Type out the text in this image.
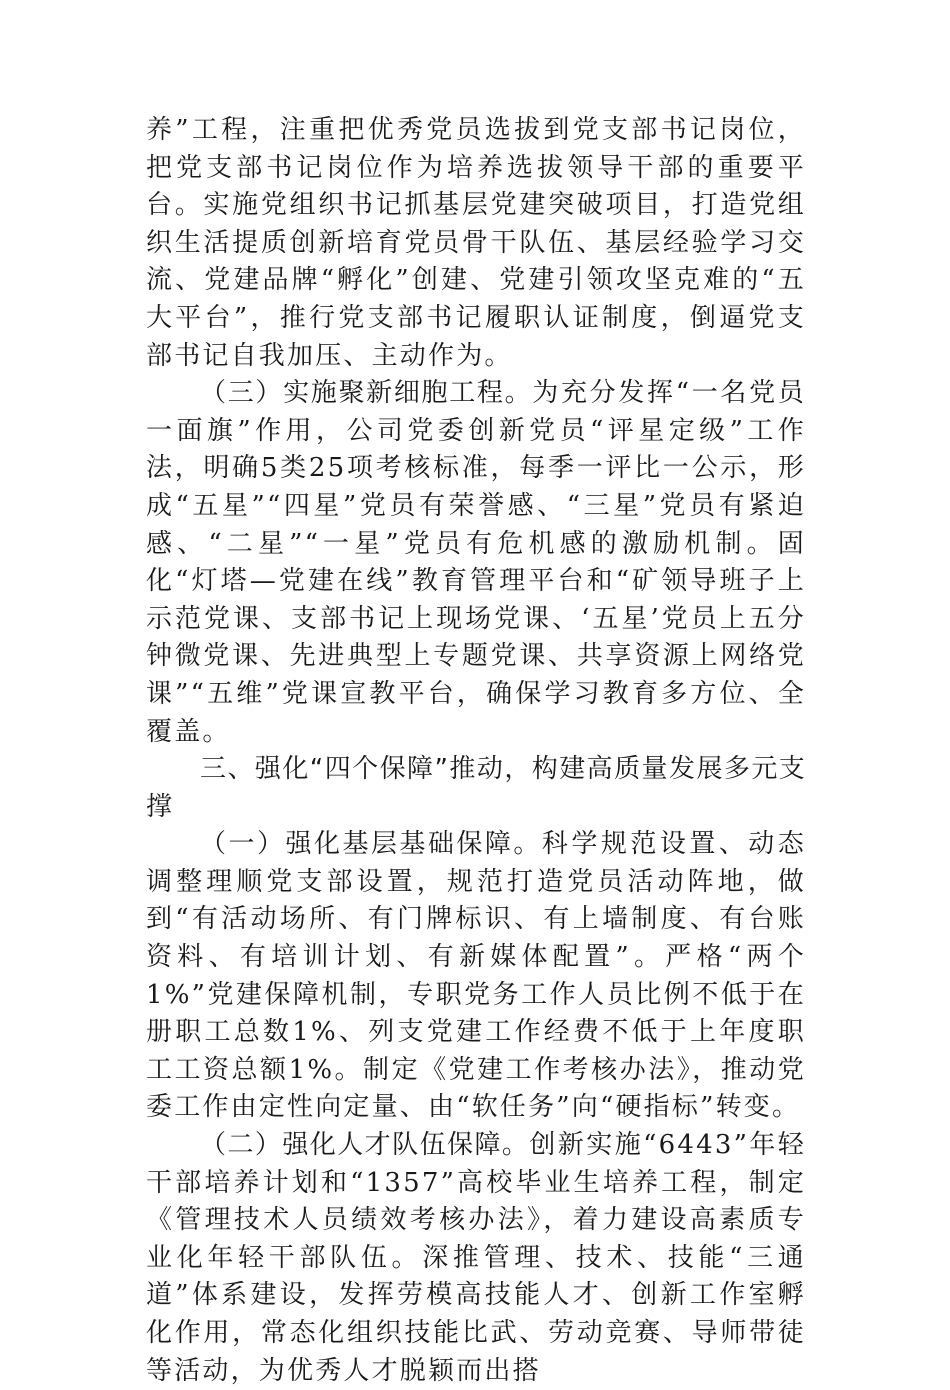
养”工程，注重把优秀党员选拔到党支部书记岗位，把党支部书记岗位作为培养选拔领导干部的重要平台。实施党组织书记抓基层党建突破项目，打造党组织生活提质创新培育党员骨干队伍、基层经验学习交流、党建品牌“孵化”创建、党建引领攻坚克难的“五大平台”，推行党支部书记履职认证制度，倒逼党支部书记自我加压、主动作为。

（三）实施聚新细胞工程。为充分发挥“一名党员一面旗”作用，公司党委创新党员“评星定级”工作法，明确5类25项考核标准，每季一评比一公示，形成“五星”“四星”党员有荣誉感、“三星”党员有紧迫感、“二星”“一星”党员有危机感的激励机制。固化“灯塔—党建在线”教育管理平台和“矿领导班子上示范党课、支部书记上现场党课、‘五星’党员上五分钟微党课、先进典型上专题党课、共享资源上网络党课”“五维”党课宣教平台，确保学习教育多方位、全覆盖。

三、强化“四个保障”推动，构建高质量发展多元支撑

（一）强化基层基础保障。科学规范设置、动态调整理顺党支部设置，规范打造党员活动阵地，做到“有活动场所、有门牌标识、有上墙制度、有台账资料、有培训计划、有新媒体配置”。严格“两个1%”党建保障机制，专职党务工作人员比例不低于在册职工总数1%、列支党建工作经费不低于上年度职工工资总额1%。制定《党建工作考核办法》，推动党委工作由定性向定量、由“软任务”向“硬指标”转变。

（二）强化人才队伍保障。创新实施“6443”年轻干部培养计划和“1357”高校毕业生培养工程，制定《管理技术人员绩效考核办法》，着力建设高素质专业化年轻干部队伍。深推管理、技术、技能“三通道”体系建设，发挥劳模高技能人才、创新工作室孵化作用，常态化组织技能比武、劳动竞赛、导师带徒等活动，为优秀人才脱颖而出搭
